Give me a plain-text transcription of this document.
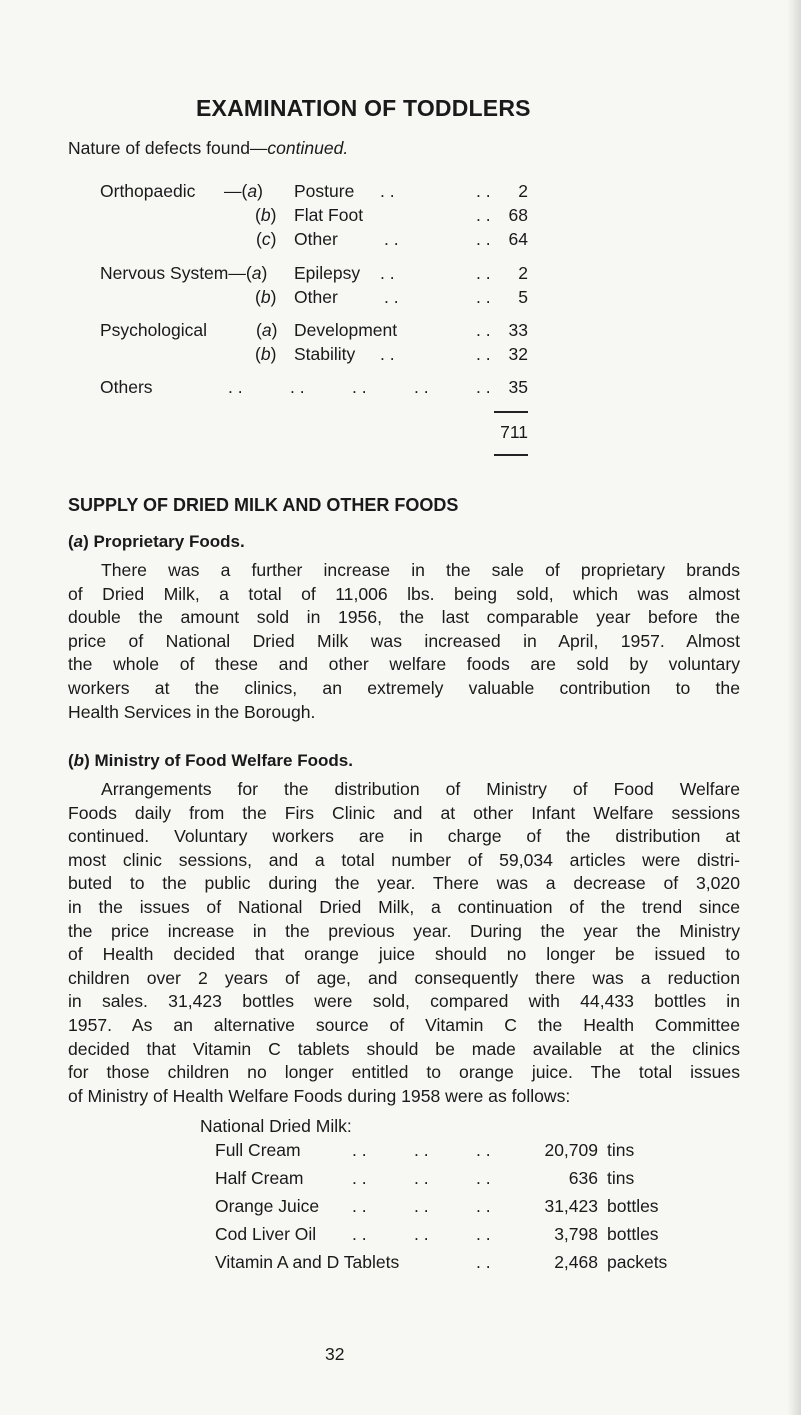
EXAMINATION OF TODDLERS
Nature of defects found—continued.
Orthopaedic —(a) Posture . .	. .	2
(b) Flat Foot	. .	68
(c) Other	. .	. .	64
Nervous System—(a) Epilepsy . .	. .	2
(b) Other	. .	. .	5
Psychological	(a) Development	. .	33
(b) Stability . .	. .	32
Others	. .	. .	. .	. .	. .	35
711
SUPPLY OF DRIED MILK AND OTHER FOODS
(a) Proprietary Foods.
There was a further increase in the sale of proprietary brands
of Dried Milk, a total of 11,006 lbs. being sold, which was almost
double the amount sold in 1956, the last comparable year before the
price of National Dried Milk was increased in April, 1957. Almost
the whole of these and other welfare foods are sold by voluntary
workers at the clinics, an extremely valuable contribution to the
Health Services in the Borough.
(b) Ministry of Food Welfare Foods.
Arrangements for the distribution of Ministry of Food Welfare
Foods daily from the Firs Clinic and at other Infant Welfare sessions
continued. Voluntary workers are in charge of the distribution at
most clinic sessions, and a total number of 59,034 articles were distri-
buted to the public during the year. There was a decrease of 3,020
in the issues of National Dried Milk, a continuation of the trend since
the price increase in the previous year. During the year the Ministry
of Health decided that orange juice should no longer be issued to
children over 2 years of age, and consequently there was a reduction
in sales. 31,423 bottles were sold, compared with 44,433 bottles in
1957. As an alternative source of Vitamin C the Health Committee
decided that Vitamin C tablets should be made available at the clinics
for those children no longer entitled to orange juice. The total issues
of Ministry of Health Welfare Foods during 1958 were as follows:
National Dried Milk:
Full Cream	. .	. .	. .	20,709 tins
Half Cream	. .	. .	. .	636 tins
Orange Juice . .	. .	. .	31,423 bottles
Cod Liver Oil . .	. .	. .	3,798 bottles
Vitamin A and D Tablets	. .	2,468 packets
32
